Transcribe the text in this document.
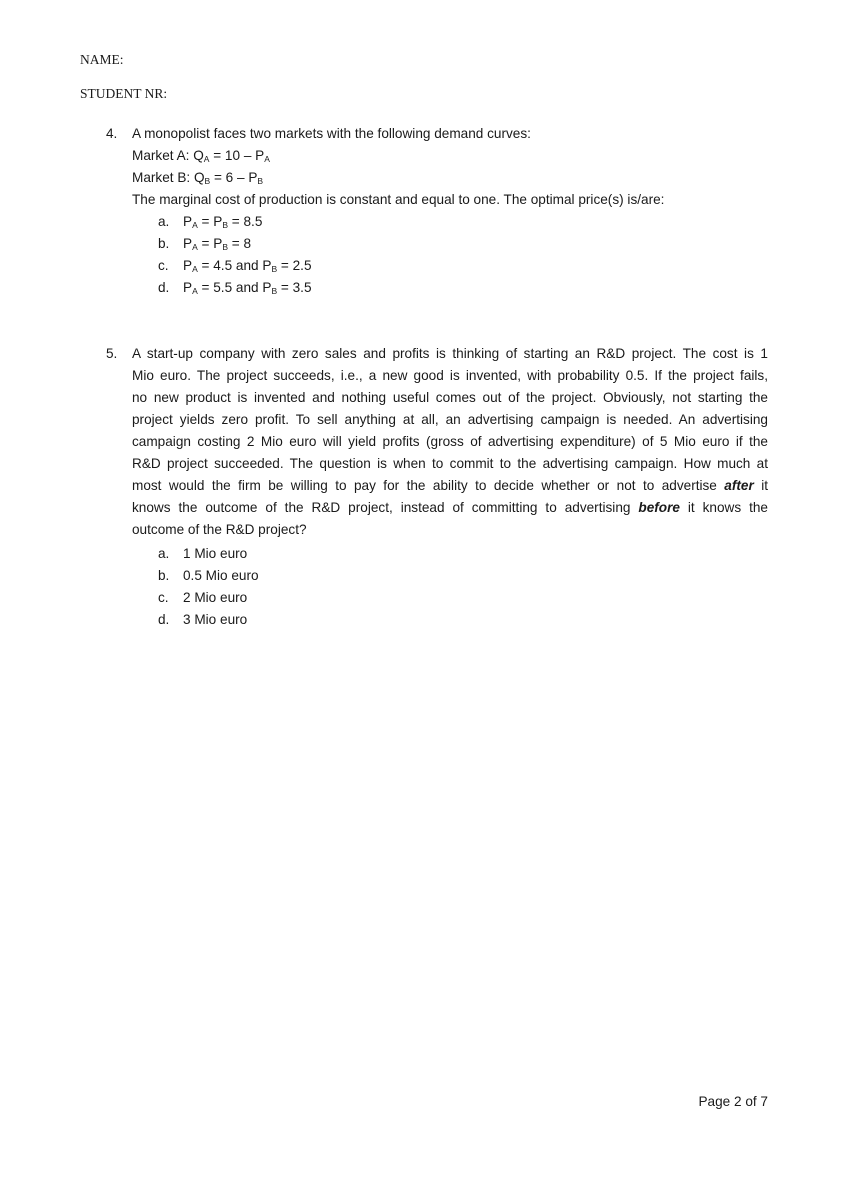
NAME:
STUDENT NR:
4. A monopolist faces two markets with the following demand curves:
Market A: $Q_A = 10 - P_A$
Market B: $Q_B = 6 - P_B$
The marginal cost of production is constant and equal to one. The optimal price(s) is/are:
a. $P_A = P_B = 8.5$
b. $P_A = P_B = 8$
c. $P_A = 4.5$ and $P_B = 2.5$
d. $P_A = 5.5$ and $P_B = 3.5$
5. A start-up company with zero sales and profits is thinking of starting an R&D project. The cost is 1
Mio euro. The project succeeds, i.e., a new good is invented, with probability 0.5. If the project fails,
no new product is invented and nothing useful comes out of the project. Obviously, not starting the
project yields zero profit. To sell anything at all, an advertising campaign is needed. An advertising
campaign costing 2 Mio euro will yield profits (gross of advertising expenditure) of 5 Mio euro if the
R&D project succeeded. The question is when to commit to the advertising campaign. How much at
most would the firm be willing to pay for the ability to decide whether or not to advertise after it
knows the outcome of the R&D project, instead of committing to advertising before it knows the
outcome of the R&D project?
a. 1 Mio euro
b. 0.5 Mio euro
c. 2 Mio euro
d. 3 Mio euro
Page 2 of 7
